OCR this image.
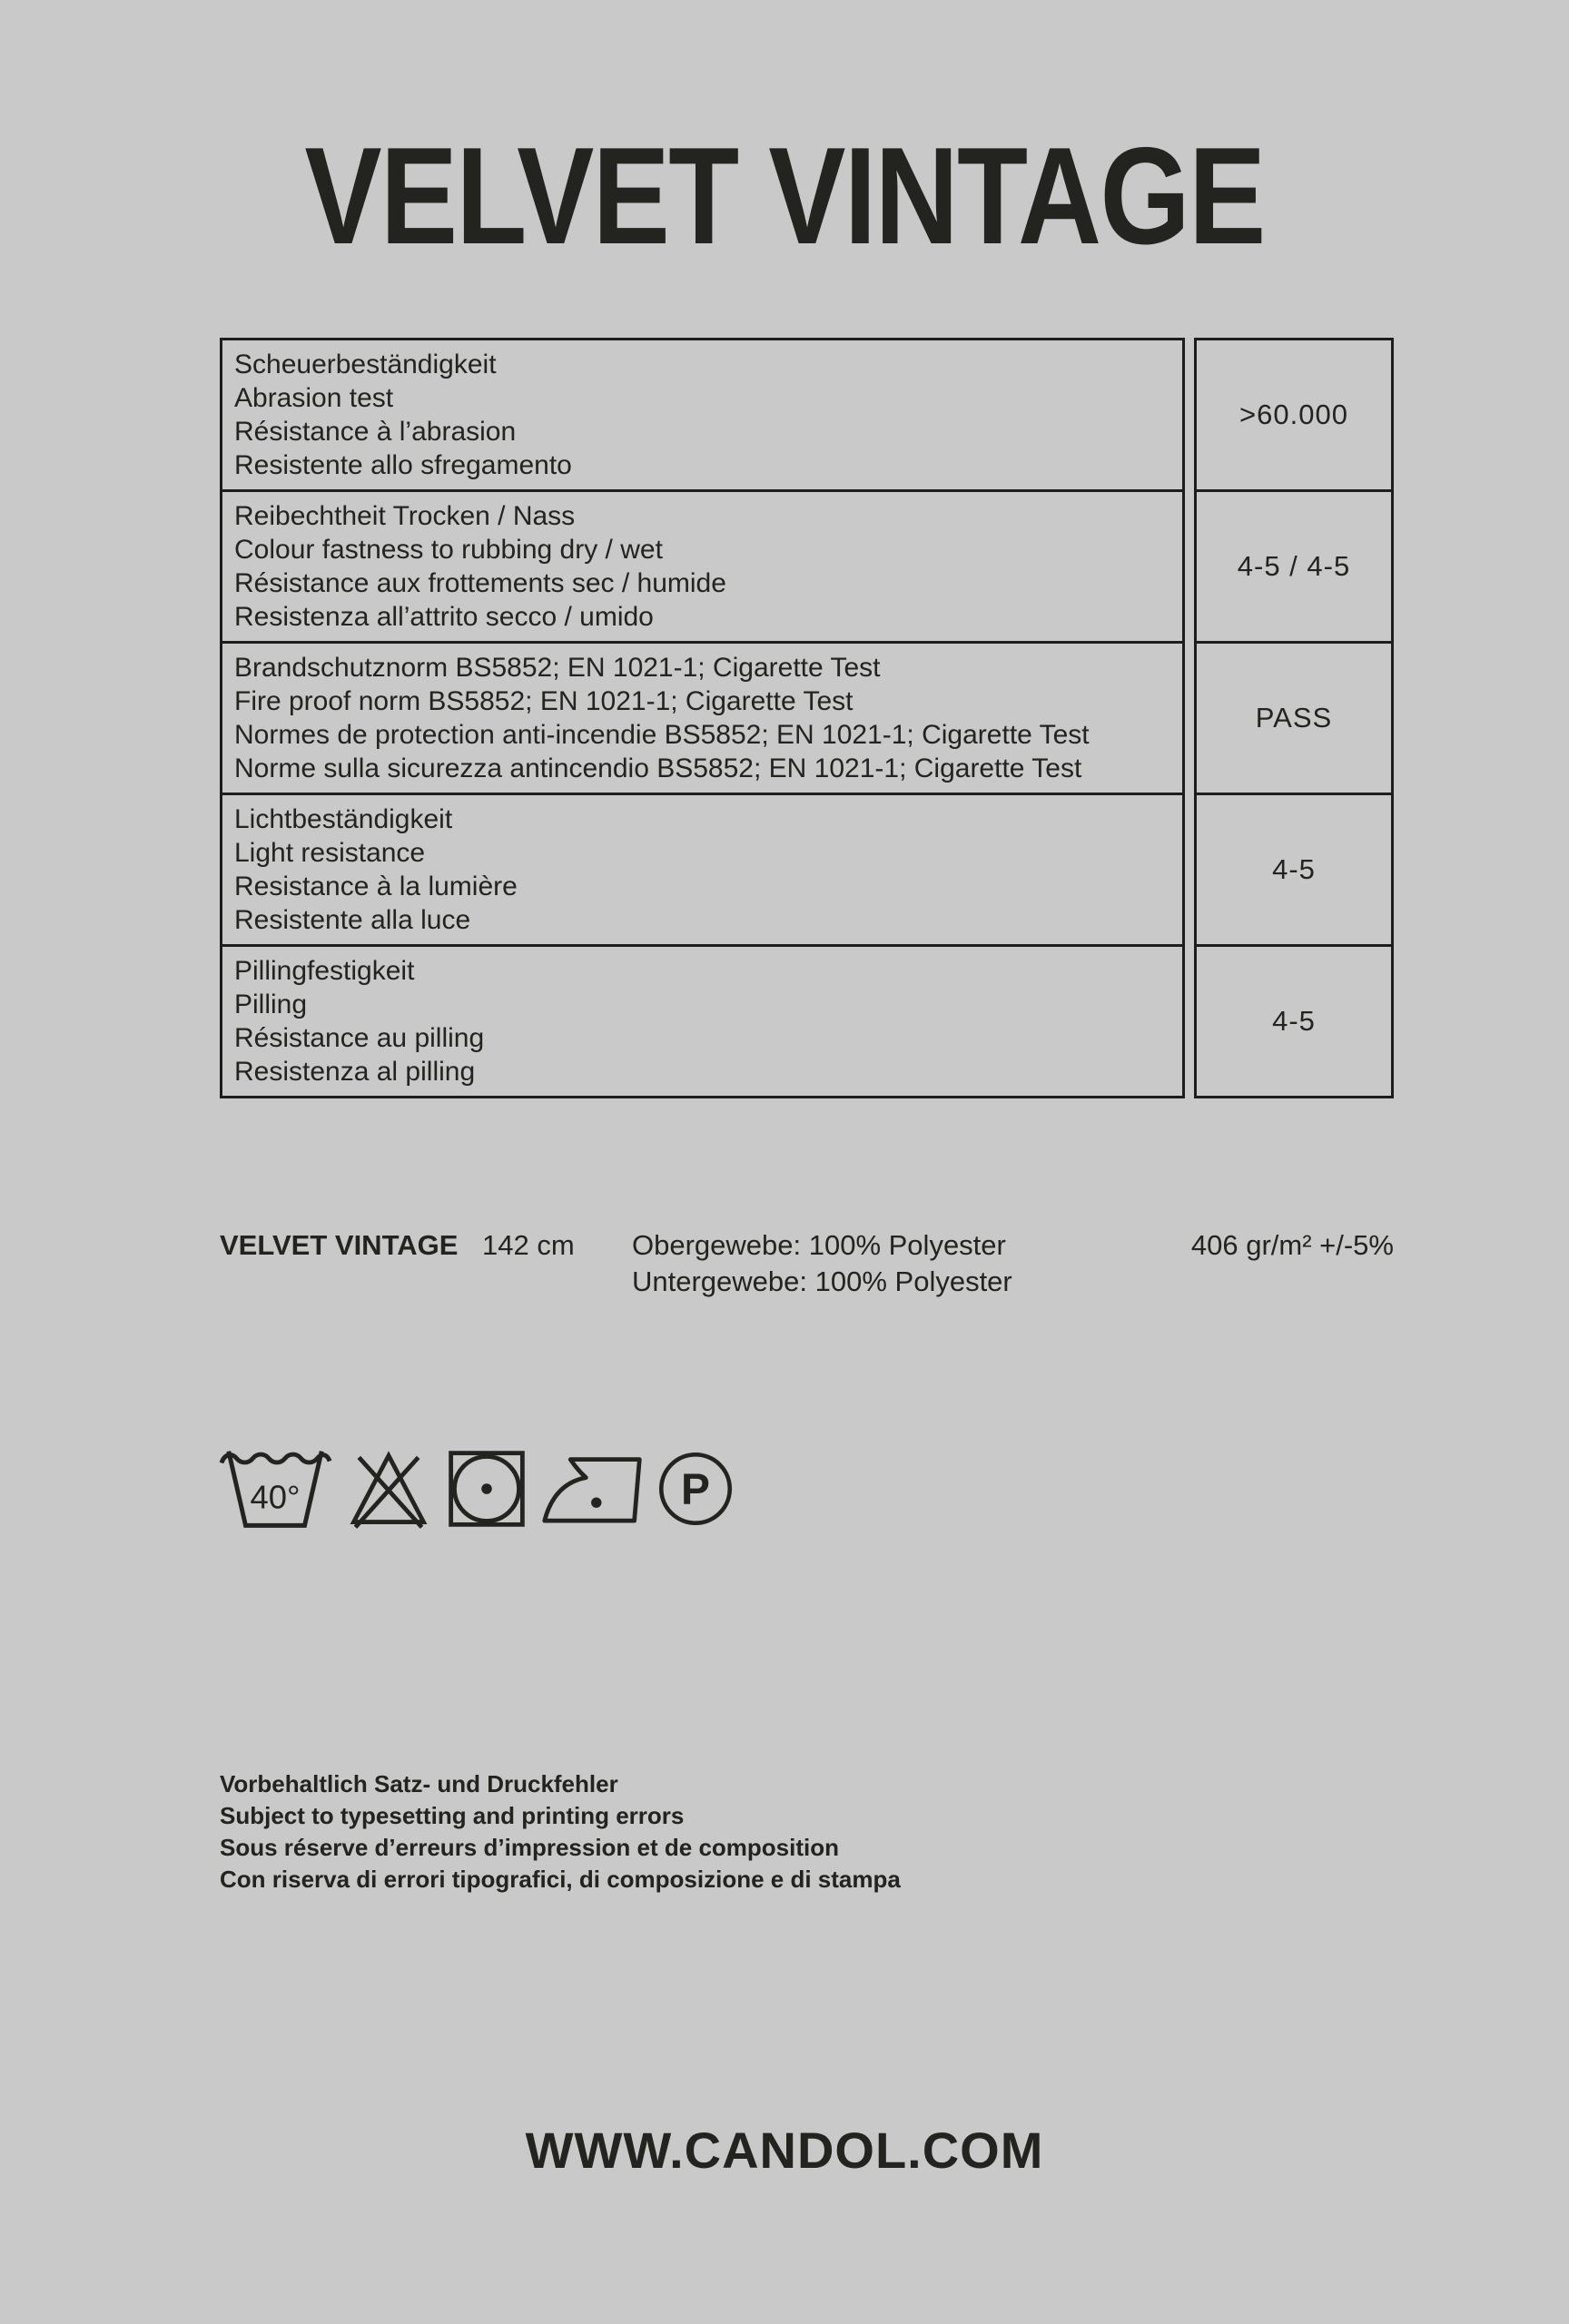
VELVET VINTAGE
Scheuerbeständigkeit
Abrasion test
Résistance à l’abrasion
Resistente allo sfregamento
>60.000
Reibechtheit Trocken / Nass
Colour fastness to rubbing dry / wet
Résistance aux frottements sec / humide
Resistenza all’attrito secco / umido
4-5 / 4-5
Brandschutznorm BS5852; EN 1021-1; Cigarette Test
Fire proof norm BS5852; EN 1021-1; Cigarette Test
Normes de protection anti-incendie BS5852; EN 1021-1; Cigarette Test
Norme sulla sicurezza antincendio BS5852; EN 1021-1; Cigarette Test
PASS
Lichtbeständigkeit
Light resistance
Resistance à la lumière
Resistente alla luce
4-5
Pillingfestigkeit
Pilling
Résistance au pilling
Resistenza al pilling
4-5
VELVET VINTAGE 142 cm	Obergewebe: 100% Polyester
Untergewebe: 100% Polyester
406 gr/m² +/-5%
40°	P
Vorbehaltlich Satz- und Druckfehler
Subject to typesetting and printing errors
Sous réserve d’erreurs d’impression et de composition
Con riserva di errori tipografici, di composizione e di stampa
WWW.CANDOL.COM
